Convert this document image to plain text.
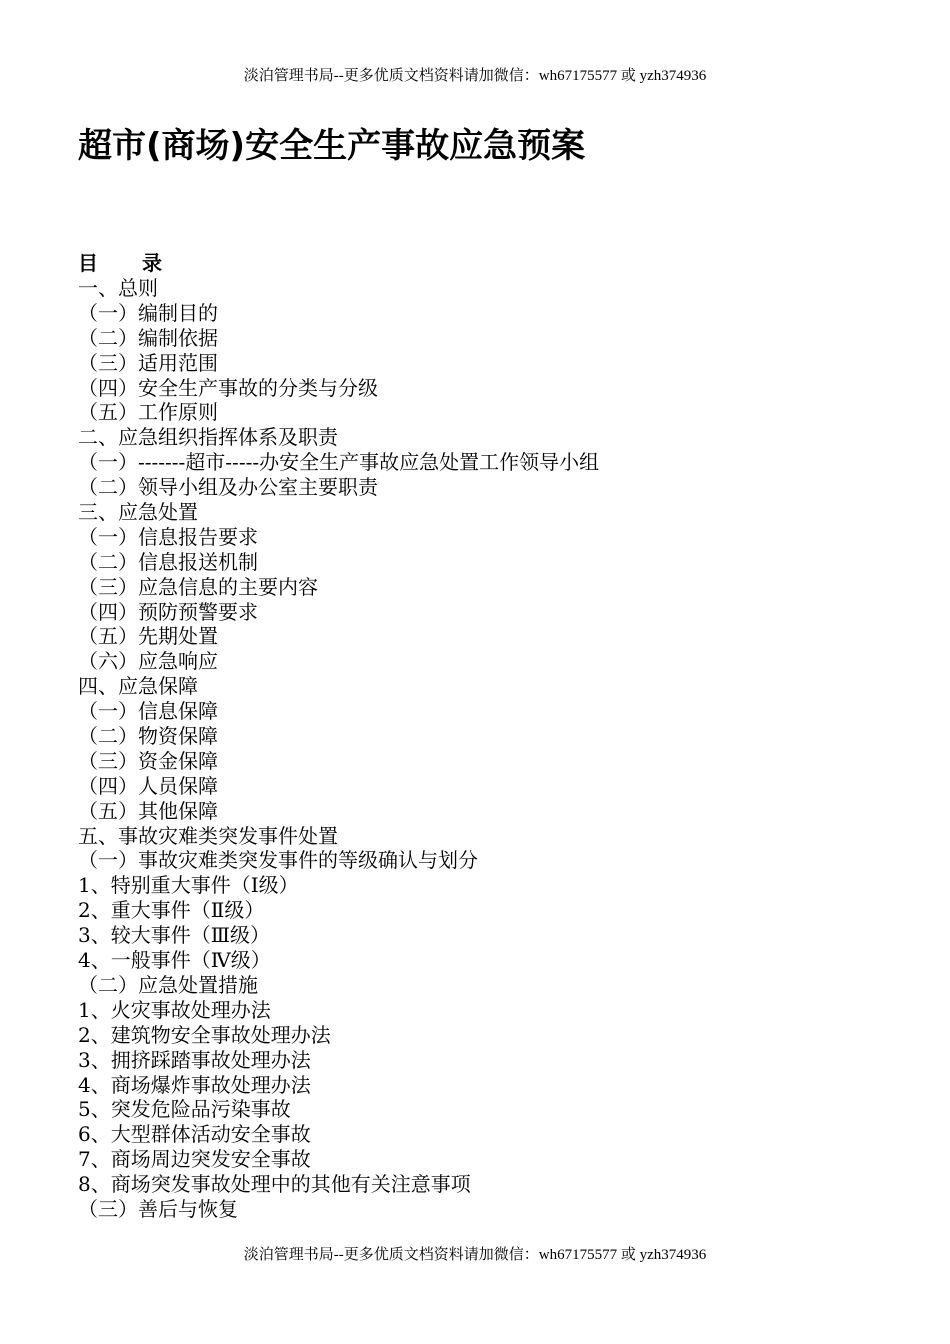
淡泊管理书局--更多优质文档资料请加微信：wh67175577 或 yzh374936
超市(商场)安全生产事故应急预案
目 录
一、总则
（一）编制目的
（二）编制依据
（三）适用范围
（四）安全生产事故的分类与分级
（五）工作原则
二、应急组织指挥体系及职责
（一）-------超市-----办安全生产事故应急处置工作领导小组
（二）领导小组及办公室主要职责
三、应急处置
（一）信息报告要求
（二）信息报送机制
（三）应急信息的主要内容
（四）预防预警要求
（五）先期处置
（六）应急响应
四、应急保障
（一）信息保障
（二）物资保障
（三）资金保障
（四）人员保障
（五）其他保障
五、事故灾难类突发事件处置
（一）事故灾难类突发事件的等级确认与划分
1、特别重大事件（Ⅰ级）
2、重大事件（Ⅱ级）
3、较大事件（Ⅲ级）
4、一般事件（Ⅳ级）
（二）应急处置措施
1、火灾事故处理办法
2、建筑物安全事故处理办法
3、拥挤踩踏事故处理办法
4、商场爆炸事故处理办法
5、突发危险品污染事故
6、大型群体活动安全事故
7、商场周边突发安全事故
8、商场突发事故处理中的其他有关注意事项
（三）善后与恢复
淡泊管理书局--更多优质文档资料请加微信：wh67175577 或 yzh374936
